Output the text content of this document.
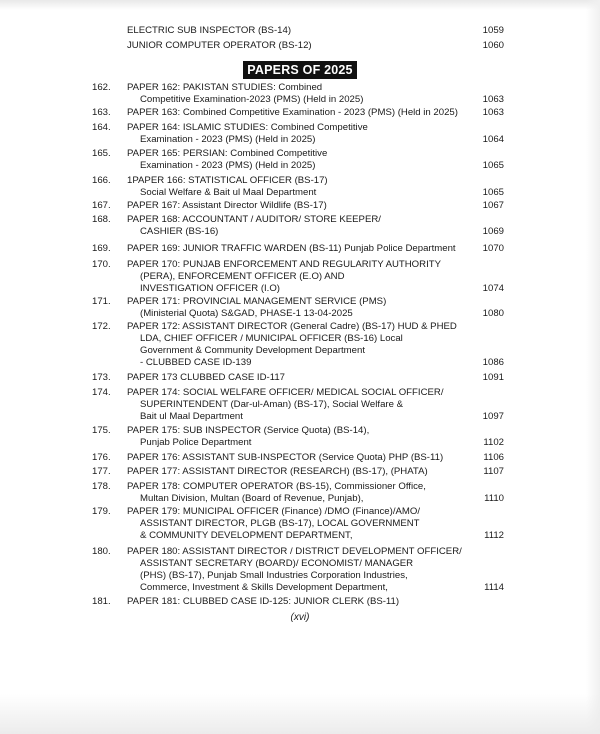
ELECTRIC SUB INSPECTOR (BS-14)	1059
JUNIOR COMPUTER OPERATOR (BS-12)	1060
PAPERS OF 2025
162.	PAPER 162: PAKISTAN STUDIES: Combined
Competitive Examination-2023 (PMS) (Held in 2025)	1063
163.	PAPER 163: Combined Competitive Examination - 2023 (PMS) (Held in 2025)	1063
164.	PAPER 164: ISLAMIC STUDIES: Combined Competitive
Examination - 2023 (PMS) (Held in 2025)	1064
165.	PAPER 165: PERSIAN: Combined Competitive
Examination - 2023 (PMS) (Held in 2025)	1065
166.	1PAPER 166: STATISTICAL OFFICER (BS-17)
Social Welfare & Bait ul Maal Department	1065
167.	PAPER 167: Assistant Director Wildlife (BS-17)	1067
168.	PAPER 168: ACCOUNTANT / AUDITOR/ STORE KEEPER/
CASHIER (BS-16)	1069
169.	PAPER 169: JUNIOR TRAFFIC WARDEN (BS-11) Punjab Police Department	1070
170.	PAPER 170: PUNJAB ENFORCEMENT AND REGULARITY AUTHORITY
(PERA), ENFORCEMENT OFFICER (E.O) AND
INVESTIGATION OFFICER (I.O)	1074
171.	PAPER 171: PROVINCIAL MANAGEMENT SERVICE (PMS)
(Ministerial Quota) S&GAD, PHASE-1 13-04-2025	1080
172.	PAPER 172: ASSISTANT DIRECTOR (General Cadre) (BS-17) HUD & PHED
LDA, CHIEF OFFICER / MUNICIPAL OFFICER (BS-16) Local
Government & Community Development Department
- CLUBBED CASE ID-139	1086
173.	PAPER 173 CLUBBED CASE ID-117	1091
174.	PAPER 174: SOCIAL WELFARE OFFICER/ MEDICAL SOCIAL OFFICER/
SUPERINTENDENT (Dar-ul-Aman) (BS-17), Social Welfare &
Bait ul Maal Department	1097
175.	PAPER 175: SUB INSPECTOR (Service Quota) (BS-14),
Punjab Police Department	1102
176.	PAPER 176: ASSISTANT SUB-INSPECTOR (Service Quota) PHP (BS-11)	1106
177.	PAPER 177: ASSISTANT DIRECTOR (RESEARCH) (BS-17), (PHATA)	1107
178.	PAPER 178: COMPUTER OPERATOR (BS-15), Commissioner Office,
Multan Division, Multan (Board of Revenue, Punjab),	1110
179.	PAPER 179: MUNICIPAL OFFICER (Finance) /DMO (Finance)/AMO/
ASSISTANT DIRECTOR, PLGB (BS-17), LOCAL GOVERNMENT
& COMMUNITY DEVELOPMENT DEPARTMENT,	1112
180.	PAPER 180: ASSISTANT DIRECTOR / DISTRICT DEVELOPMENT OFFICER/
ASSISTANT SECRETARY (BOARD)/ ECONOMIST/ MANAGER
(PHS) (BS-17), Punjab Small Industries Corporation Industries,
Commerce, Investment & Skills Development Department,	1114
181.	PAPER 181: CLUBBED CASE ID-125: JUNIOR CLERK (BS-11)
(xvi)
